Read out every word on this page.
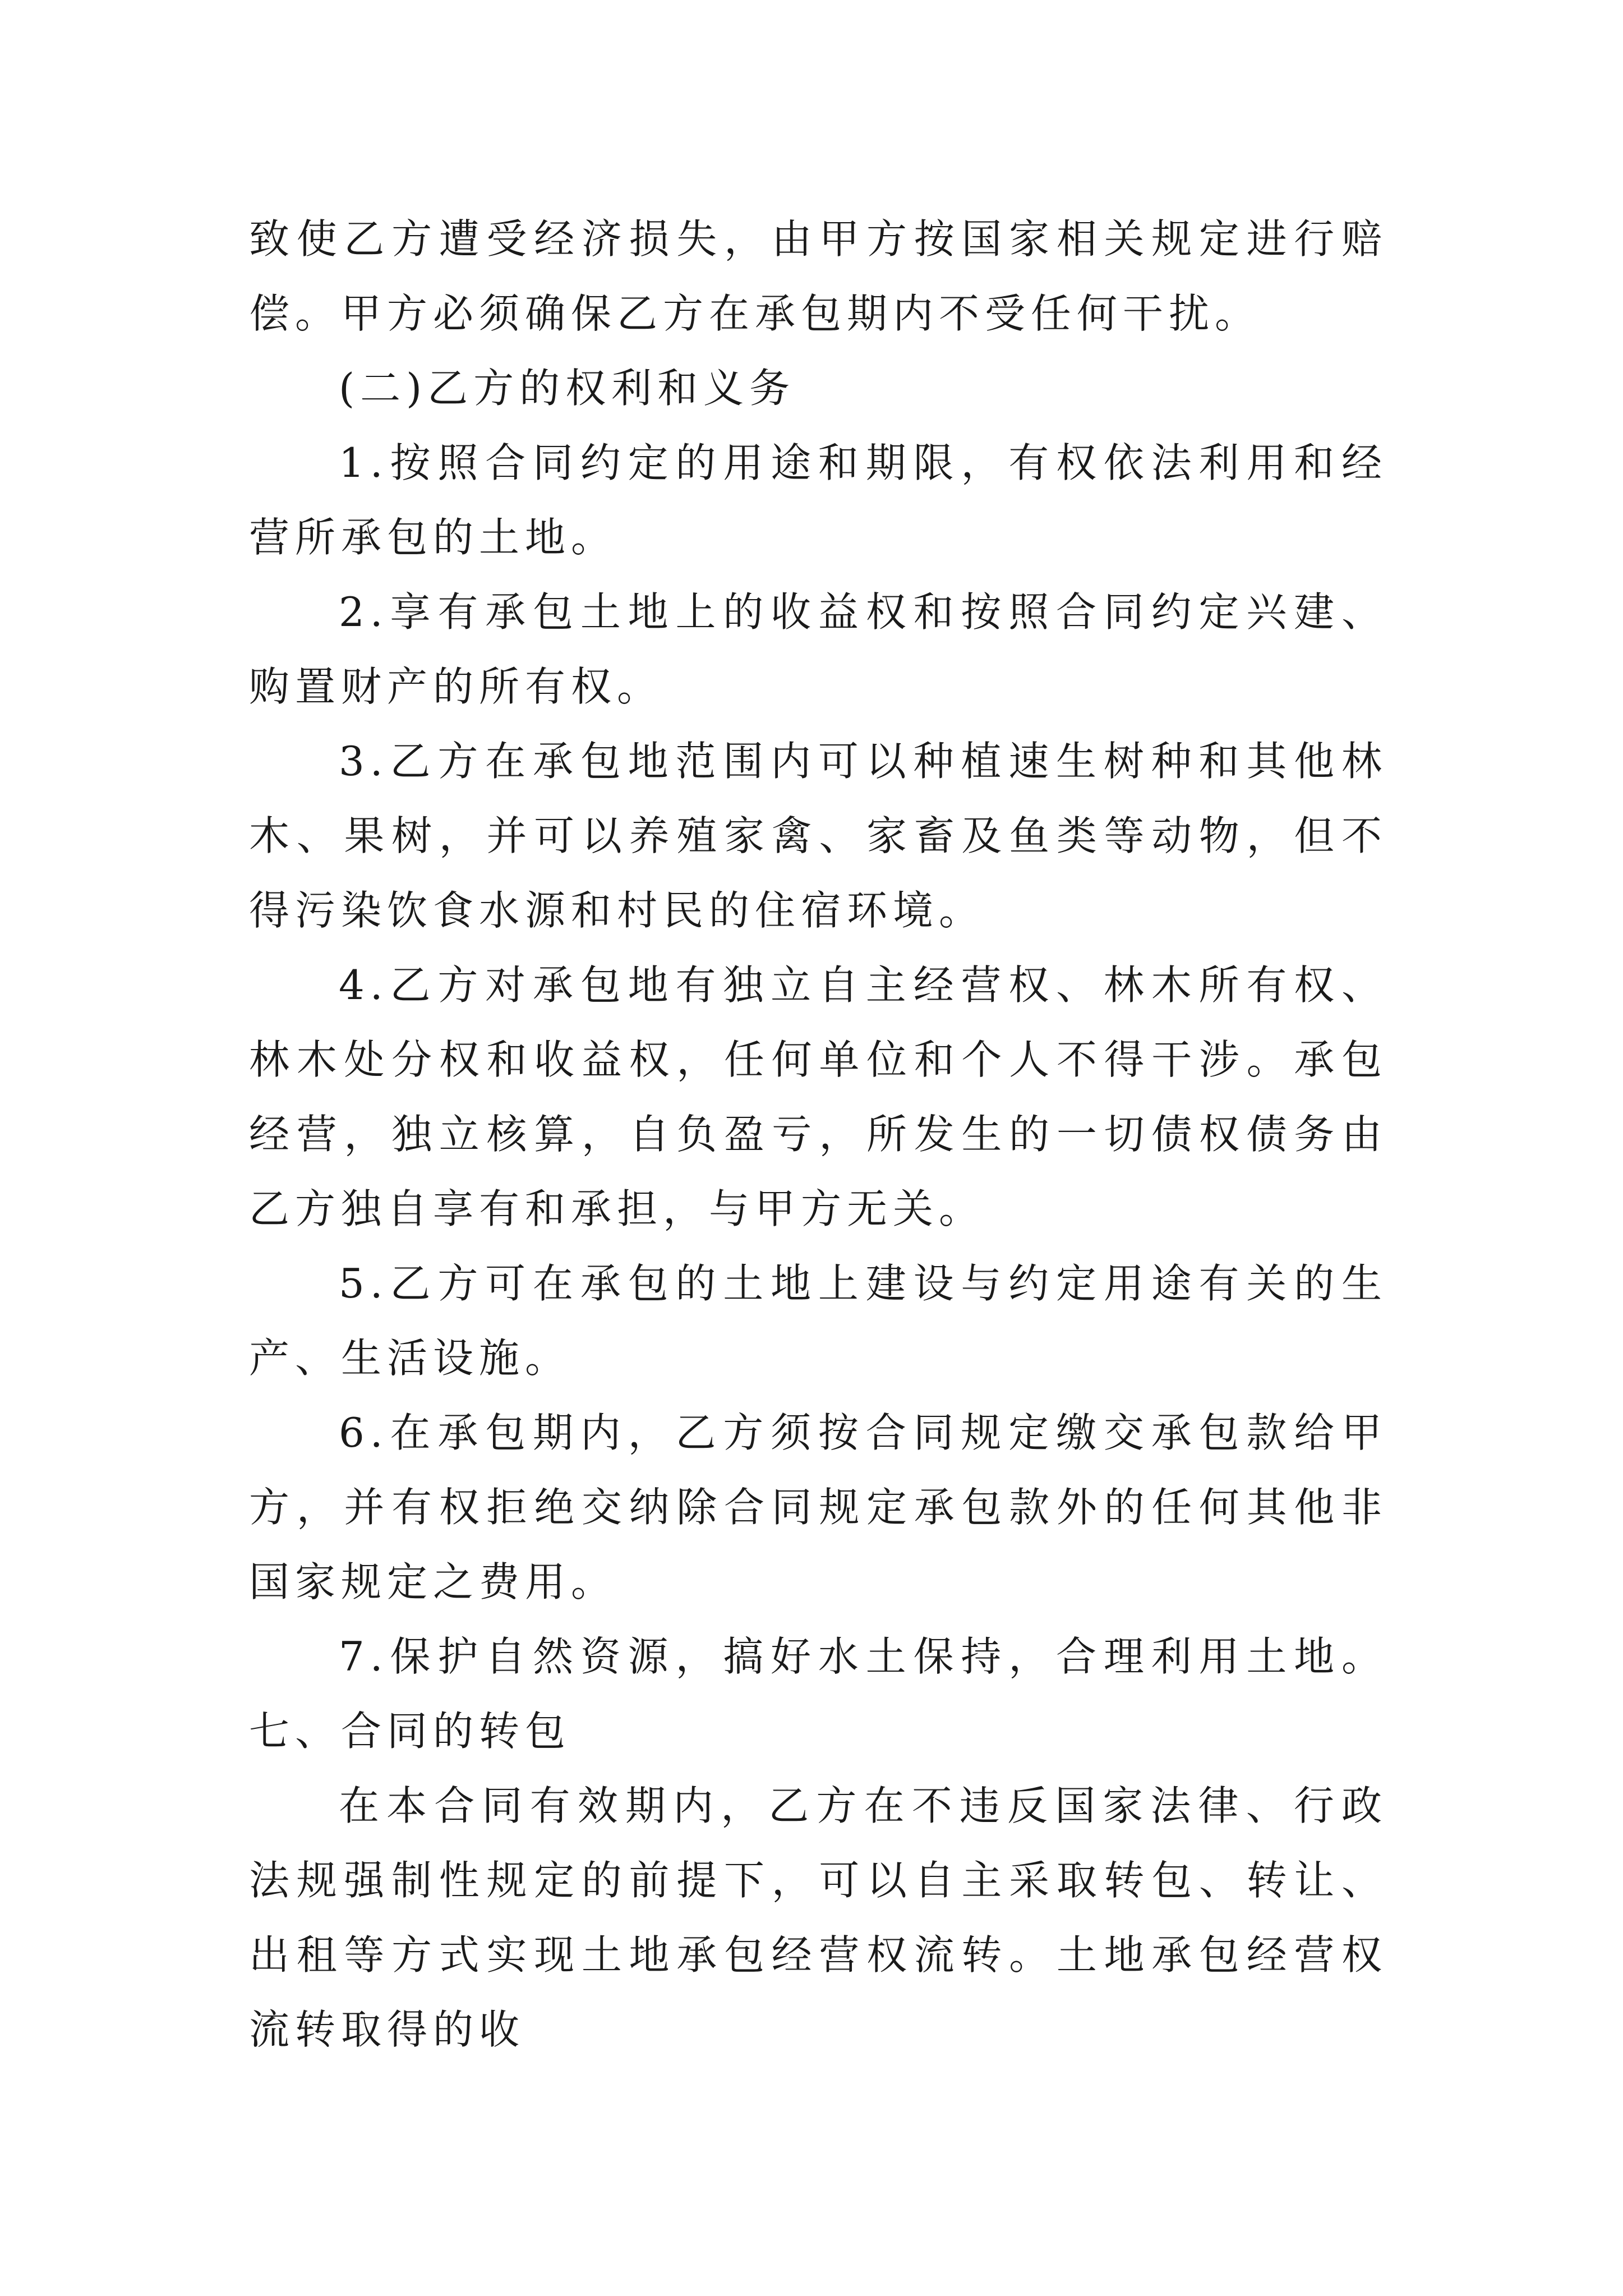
致使乙方遭受经济损失，由甲方按国家相关规定进行赔偿。甲方必须确保乙方在承包期内不受任何干扰。

(二)乙方的权利和义务

1.按照合同约定的用途和期限，有权依法利用和经营所承包的土地。

2.享有承包土地上的收益权和按照合同约定兴建、购置财产的所有权。

3.乙方在承包地范围内可以种植速生树种和其他林木、果树，并可以养殖家禽、家畜及鱼类等动物，但不得污染饮食水源和村民的住宿环境。

4.乙方对承包地有独立自主经营权、林木所有权、林木处分权和收益权，任何单位和个人不得干涉。承包经营，独立核算，自负盈亏，所发生的一切债权债务由乙方独自享有和承担，与甲方无关。

5.乙方可在承包的土地上建设与约定用途有关的生产、生活设施。

6.在承包期内，乙方须按合同规定缴交承包款给甲方，并有权拒绝交纳除合同规定承包款外的任何其他非国家规定之费用。

7.保护自然资源，搞好水土保持，合理利用土地。 七、合同的转包

在本合同有效期内，乙方在不违反国家法律、行政法规强制性规定的前提下，可以自主采取转包、转让、出租等方式实现土地承包经营权流转。土地承包经营权流转取得的收
